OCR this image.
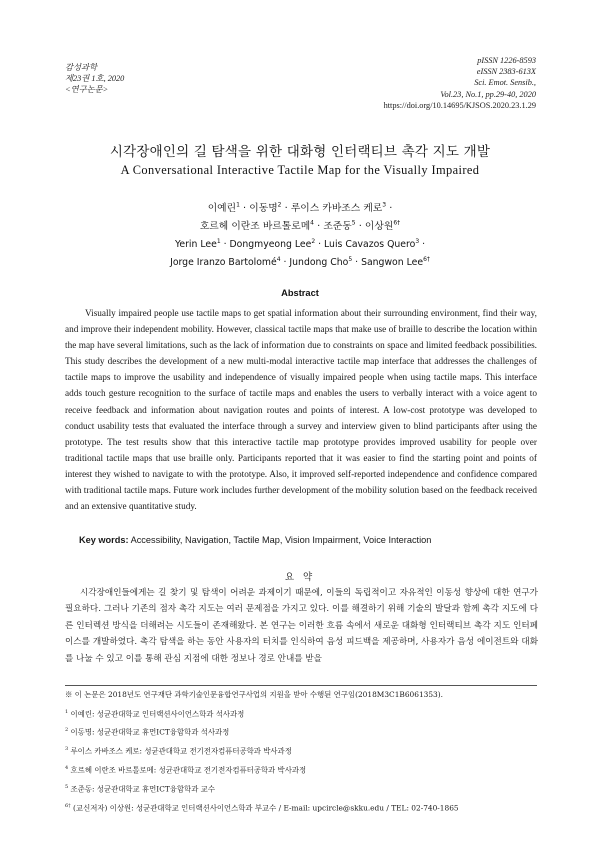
감성과학
제23권 1호, 2020
<연구논문>
pISSN 1226-8593
eISSN 2383-613X
Sci. Emot. Sensib.,
Vol.23, No.1, pp.29-40, 2020
https://doi.org/10.14695/KJSOS.2020.23.1.29
시각장애인의 길 탐색을 위한 대화형 인터랙티브 촉각 지도 개발
A Conversational Interactive Tactile Map for the Visually Impaired
이예린$^1$ · 이동명$^2$ · 루이스 카바조스 케로$^3$ ·
호르헤 이란조 바르톨로메$^4$ · 조준동$^5$ · 이상원$^{6\dagger}$
Yerin Lee$^1$ · Dongmyeong Lee$^2$ · Luis Cavazos Quero$^3$ ·
Jorge Iranzo Bartolomé$^4$ · Jundong Cho$^5$ · Sangwon Lee$^{6\dagger}$
Abstract
Visually impaired people use tactile maps to get spatial information about their surrounding environment, find their way, and improve their independent mobility. However, classical tactile maps that make use of braille to describe the location within the map have several limitations, such as the lack of information due to constraints on space and limited feedback possibilities. This study describes the development of a new multi-modal interactive tactile map interface that addresses the challenges of tactile maps to improve the usability and independence of visually impaired people when using tactile maps. This interface adds touch gesture recognition to the surface of tactile maps and enables the users to verbally interact with a voice agent to receive feedback and information about navigation routes and points of interest. A low-cost prototype was developed to conduct usability tests that evaluated the interface through a survey and interview given to blind participants after using the prototype. The test results show that this interactive tactile map prototype provides improved usability for people over traditional tactile maps that use braille only. Participants reported that it was easier to find the starting point and points of interest they wished to navigate to with the prototype. Also, it improved self-reported independence and confidence compared with traditional tactile maps. Future work includes further development of the mobility solution based on the feedback received and an extensive quantitative study.
Key words: Accessibility, Navigation, Tactile Map, Vision Impairment, Voice Interaction
요 약
시각장애인들에게는 길 찾기 및 탐색이 어려운 과제이기 때문에, 이들의 독립적이고 자유적인 이동성 향상에 대한 연구가 필요하다. 그러나 기존의 점자 촉각 지도는 여러 문제점을 가지고 있다. 이를 해결하기 위해 기술의 발달과 함께 촉각 지도에 다른 인터렉션 방식을 더해려는 시도들이 존재해왔다. 본 연구는 이러한 흐름 속에서 새로운 대화형 인터랙티브 촉각 지도 인터페이스를 개발하였다. 촉각 탐색을 하는 동안 사용자의 터치를 인식하여 음성 피드백을 제공하며, 사용자가 음성 에이전트와 대화를 나눌 수 있고 이를 통해 관심 지점에 대한 정보나 경로 안내를 받을
※ 이 논문은 2018년도 연구재단 과학기술인문융합연구사업의 지원을 받아 수행된 연구임(2018M3C1B6061353).
$^1$ 이예린: 성균관대학교 인터랙션사이언스학과 석사과정
$^2$ 이동명: 성균관대학교 휴먼ICT융합학과 석사과정
$^3$ 루이스 카바조스 케로: 성균관대학교 전기전자컴퓨터공학과 박사과정
$^4$ 호르헤 이란조 바르톨로메: 성균관대학교 전기전자컴퓨터공학과 박사과정
$^5$ 조준동: 성균관대학교 휴먼ICT융합학과 교수
$^{6\dagger}$ (교신저자) 이상원: 성균관대학교 인터랙션사이언스학과 부교수 / E-mail: upcircle@skku.edu / TEL: 02-740-1865
